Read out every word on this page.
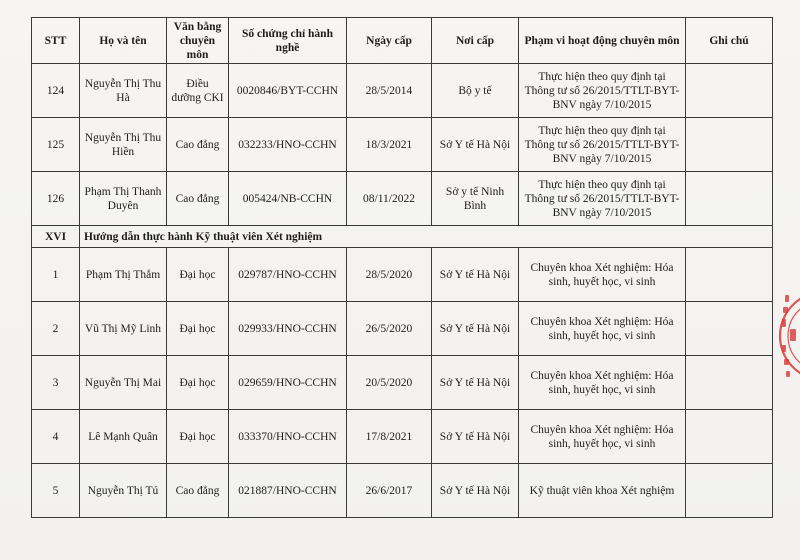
STT	Họ và tên	Văn bằng chuyên môn	Số chứng chỉ hành nghề	Ngày cấp	Nơi cấp	Phạm vi hoạt động chuyên môn	Ghi chú
124	Nguyễn Thị Thu Hà	Điều dưỡng CKI	0020846/BYT-CCHN	28/5/2014	Bộ y tế	Thực hiện theo quy định tại Thông tư số 26/2015/TTLT-BYT-BNV ngày 7/10/2015	
125	Nguyễn Thị Thu Hiền	Cao đẳng	032233/HNO-CCHN	18/3/2021	Sở Y tế Hà Nội	Thực hiện theo quy định tại Thông tư số 26/2015/TTLT-BYT-BNV ngày 7/10/2015	
126	Phạm Thị Thanh Duyên	Cao đẳng	005424/NB-CCHN	08/11/2022	Sở y tế Ninh Bình	Thực hiện theo quy định tại Thông tư số 26/2015/TTLT-BYT-BNV ngày 7/10/2015	
XVI	Hướng dẫn thực hành Kỹ thuật viên Xét nghiệm						
1	Phạm Thị Thắm	Đại học	029787/HNO-CCHN	28/5/2020	Sở Y tế Hà Nội	Chuyên khoa Xét nghiệm: Hóa sinh, huyết học, vi sinh	
2	Vũ Thị Mỹ Linh	Đại học	029933/HNO-CCHN	26/5/2020	Sở Y tế Hà Nội	Chuyên khoa Xét nghiệm: Hóa sinh, huyết học, vi sinh	
3	Nguyễn Thị Mai	Đại học	029659/HNO-CCHN	20/5/2020	Sở Y tế Hà Nội	Chuyên khoa Xét nghiệm: Hóa sinh, huyết học, vi sinh	
4	Lê Mạnh Quân	Đại học	033370/HNO-CCHN	17/8/2021	Sở Y tế Hà Nội	Chuyên khoa Xét nghiệm: Hóa sinh, huyết học, vi sinh	
5	Nguyễn Thị Tú	Cao đẳng	021887/HNO-CCHN	26/6/2017	Sở Y tế Hà Nội	Kỹ thuật viên khoa Xét nghiệm	
